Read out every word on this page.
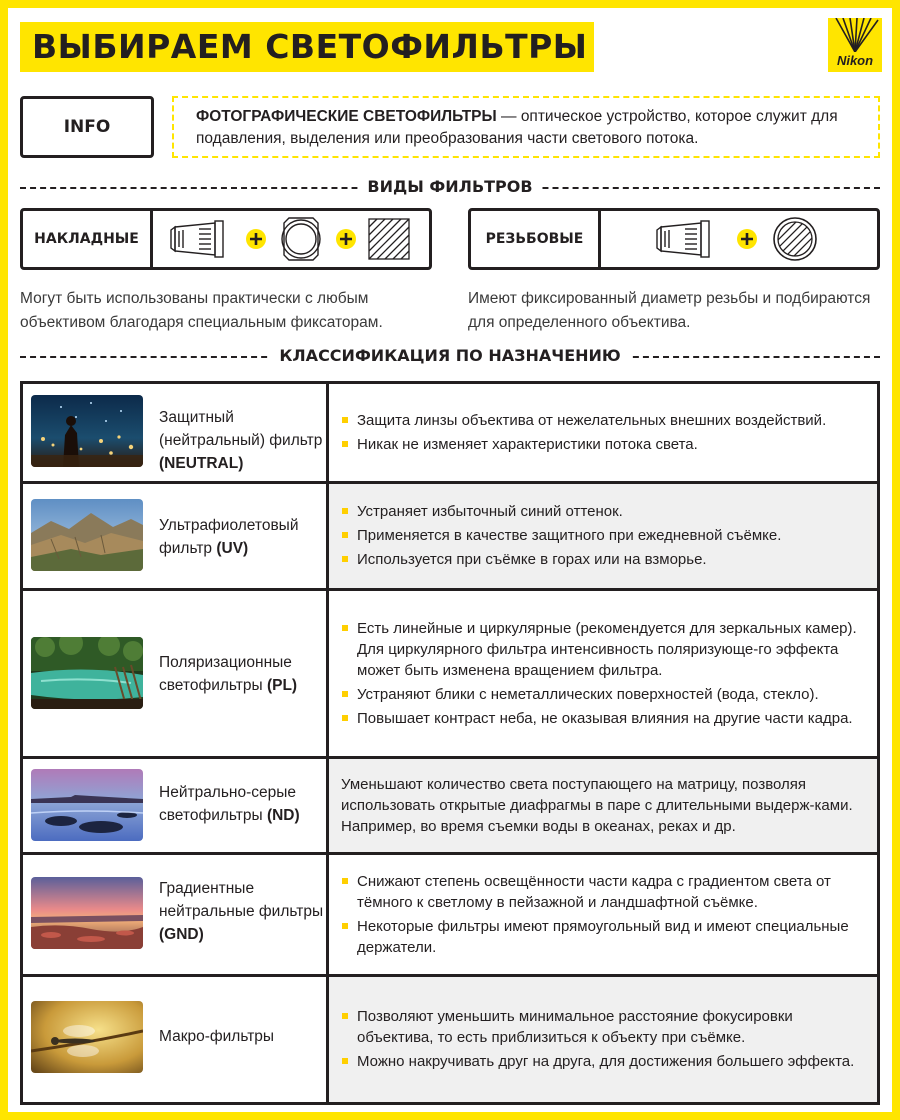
ВЫБИРАЕМ СВЕТОФИЛЬТРЫ	Nikon
INFO
ФОТОГРАФИЧЕСКИЕ СВЕТОФИЛЬТРЫ — оптическое устройство, которое служит для подавления, выделения или преобразования части светового потока.
ВИДЫ ФИЛЬТРОВ
НАКЛАДНЫЕ
Могут быть использованы практически с любым объективом благодаря специальным фиксаторам.
РЕЗЬБОВЫЕ
Имеют фиксированный диаметр резьбы и подбираются для определенного объектива.
КЛАССИФИКАЦИЯ ПО НАЗНАЧЕНИЮ
Защитный (нейтральный) фильтр (NEUTRAL)
Защита линзы объектива от нежелательных внешних воздействий.
Никак не изменяет характеристики потока света.
Ультрафиолетовый фильтр (UV)
Устраняет избыточный синий оттенок.
Применяется в качестве защитного при ежедневной съёмке.
Используется при съёмке в горах или на взморье.
Поляризационные светофильтры (PL)
Есть линейные и циркулярные (рекомендуется для зеркальных камер). Для циркулярного фильтра интенсивность поляризующе-го эффекта может быть изменена вращением фильтра.
Устраняют блики с неметаллических поверхностей (вода, стекло).
Повышает контраст неба, не оказывая влияния на другие части кадра.
Нейтрально-серые светофильтры (ND)
Уменьшают количество света поступающего на матрицу, позволяя использовать открытые диафрагмы в паре с длительными выдерж-ками. Например, во время съемки воды в океанах, реках и др.
Градиентные нейтральные фильтры (GND)
Снижают степень освещённости части кадра с градиентом света от тёмного к светлому в пейзажной и ландшафтной съёмке.
Некоторые фильтры имеют прямоугольный вид и имеют специальные держатели.
Макро-фильтры
Позволяют уменьшить минимальное расстояние фокусировки объектива, то есть приблизиться к объекту при съёмке.
Можно накручивать друг на друга, для достижения большего эффекта.
